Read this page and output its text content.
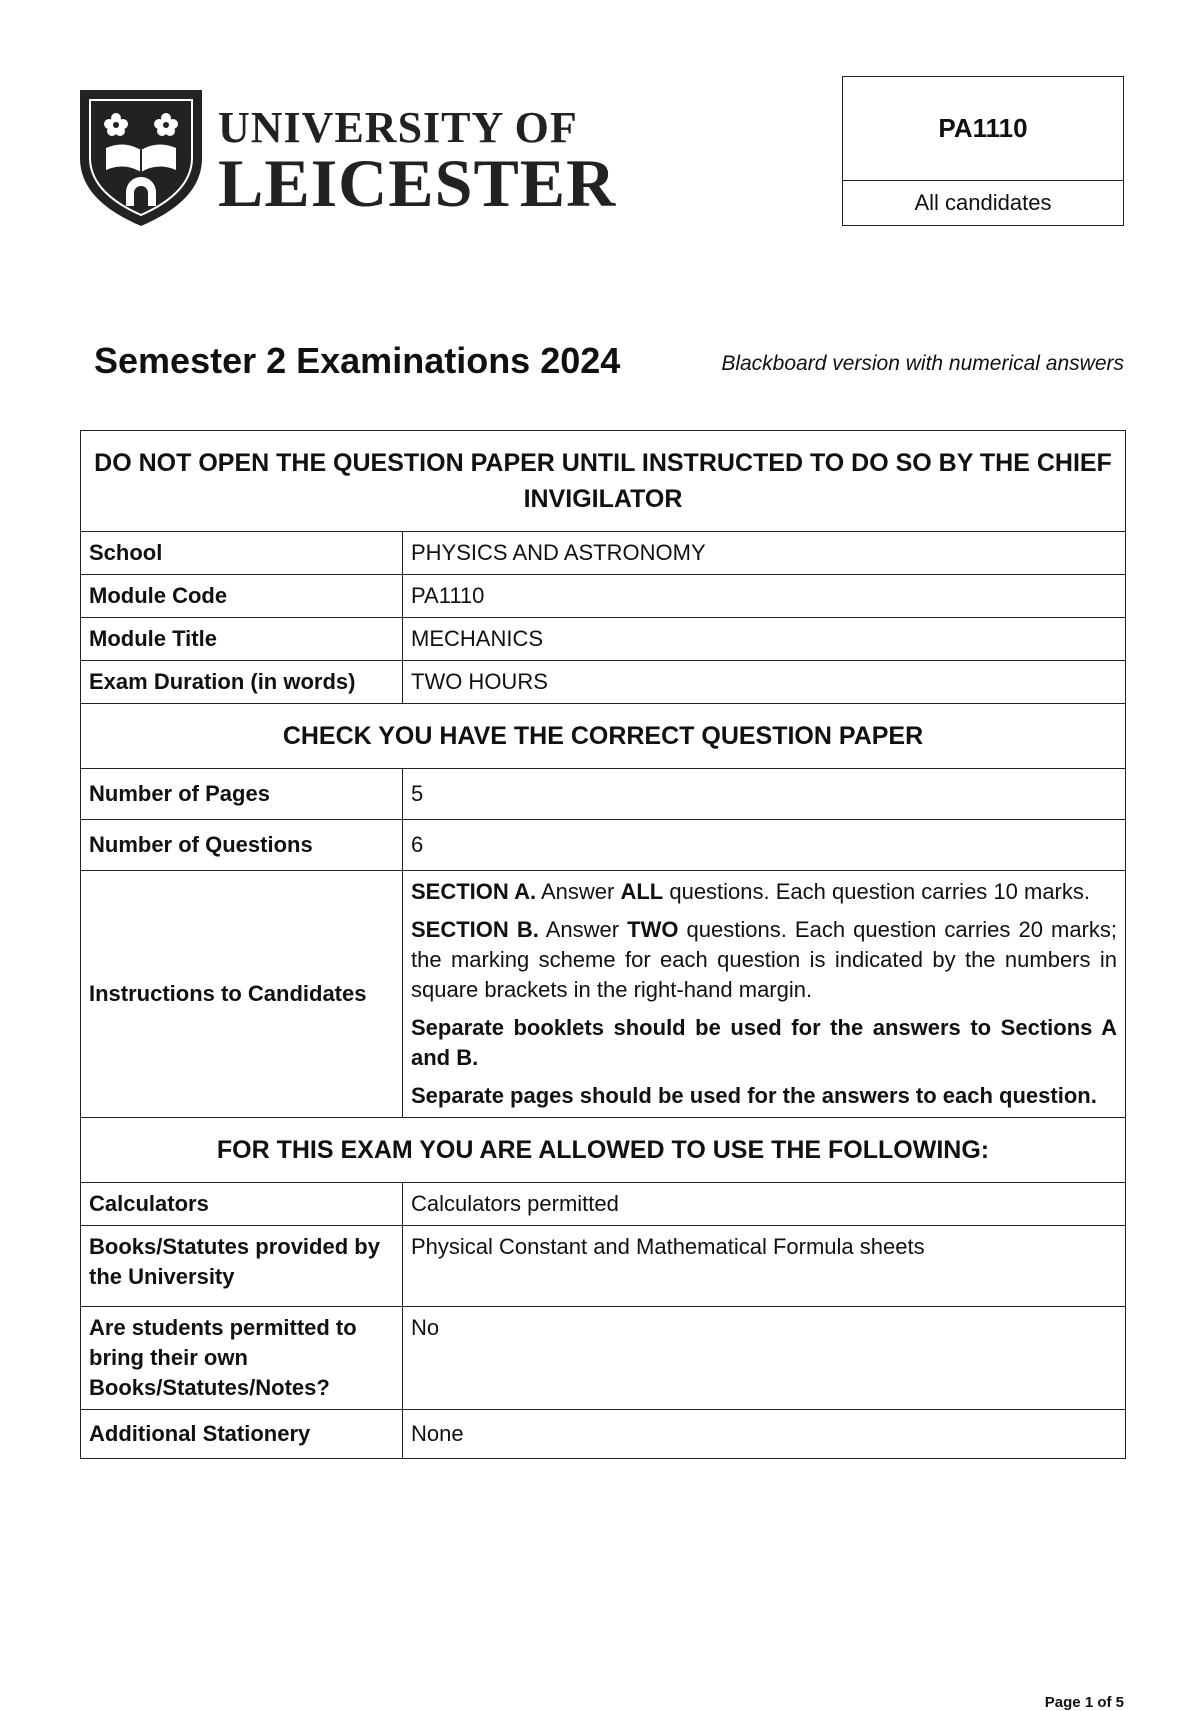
UNIVERSITY OF
LEICESTER
PA1110
All candidates
Semester 2 Examinations 2024	Blackboard version with numerical answers
DO NOT OPEN THE QUESTION PAPER UNTIL INSTRUCTED TO DO SO BY THE CHIEF INVIGILATOR	
School	PHYSICS AND ASTRONOMY
Module Code	PA1110
Module Title	MECHANICS
Exam Duration (in words)	TWO HOURS
CHECK YOU HAVE THE CORRECT QUESTION PAPER	
Number of Pages	5
Number of Questions	6
Instructions to Candidates	SECTION A. Answer ALL questions. Each question carries 10 marks.

SECTION B. Answer TWO questions. Each question carries 20 marks; the marking scheme for each question is indicated by the numbers in square brackets in the right-hand margin.

Separate booklets should be used for the answers to Sections A and B.

Separate pages should be used for the answers to each question.

FOR THIS EXAM YOU ARE ALLOWED TO USE THE FOLLOWING:	
Calculators	Calculators permitted
Books/Statutes provided by the University	Physical Constant and Mathematical Formula sheets
Are students permitted to bring their own Books/Statutes/Notes?	No
Additional Stationery	None
Page 1 of 5
